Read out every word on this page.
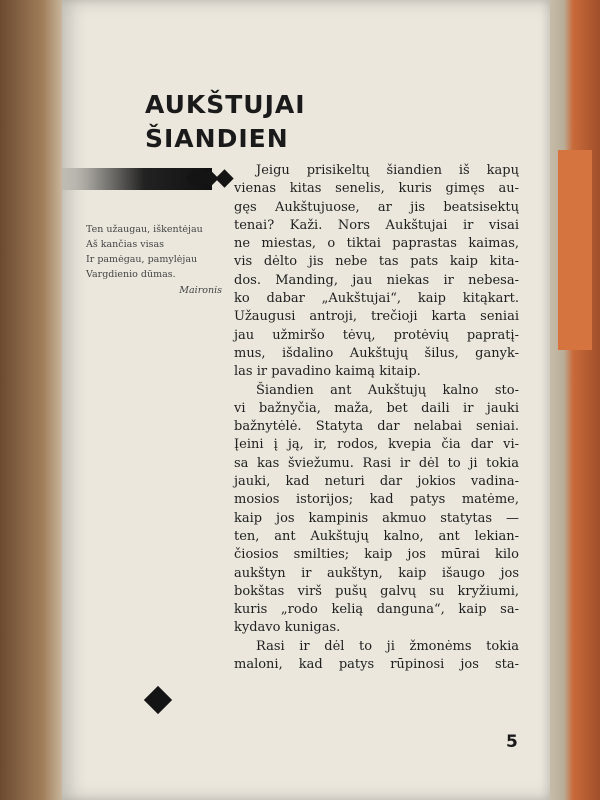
AUKŠTUJAI
ŠIANDIEN
Ten užaugau, iškentėjau
Aš kančias visas
Ir pamėgau, pamylėjau
Vargdienio dūmas.
Maironis
Jeigu prisikeltų šiandien iš kapų
vienas kitas senelis, kuris gimęs au-
gęs Aukštujuose, ar jis beatsisektų
tenai? Kaži. Nors Aukštujai ir visai
ne miestas, o tiktai paprastas kaimas,
vis dėlto jis nebe tas pats kaip kita-
dos. Manding, jau niekas ir nebesa-
ko dabar „Aukštujai“, kaip kitąkart.
Užaugusi antroji, trečioji karta seniai
jau užmiršo tėvų, protėvių papratį-
mus, išdalino Aukštujų šilus, ganyk-
las ir pavadino kaimą kitaip.
Šiandien ant Aukštujų kalno sto-
vi bažnyčia, maža, bet daili ir jauki
bažnytėlė. Statyta dar nelabai seniai.
Įeini į ją, ir, rodos, kvepia čia dar vi-
sa kas šviežumu. Rasi ir dėl to ji tokia
jauki, kad neturi dar jokios vadina-
mosios istorijos; kad patys matėme,
kaip jos kampinis akmuo statytas —
ten, ant Aukštujų kalno, ant lekian-
čiosios smilties; kaip jos mūrai kilo
aukštyn ir aukštyn, kaip išaugo jos
bokštas virš pušų galvų su kryžiumi,
kuris „rodo kelią danguna“, kaip sa-
kydavo kunigas.
Rasi ir dėl to ji žmonėms tokia
maloni, kad patys rūpinosi jos sta-
5
